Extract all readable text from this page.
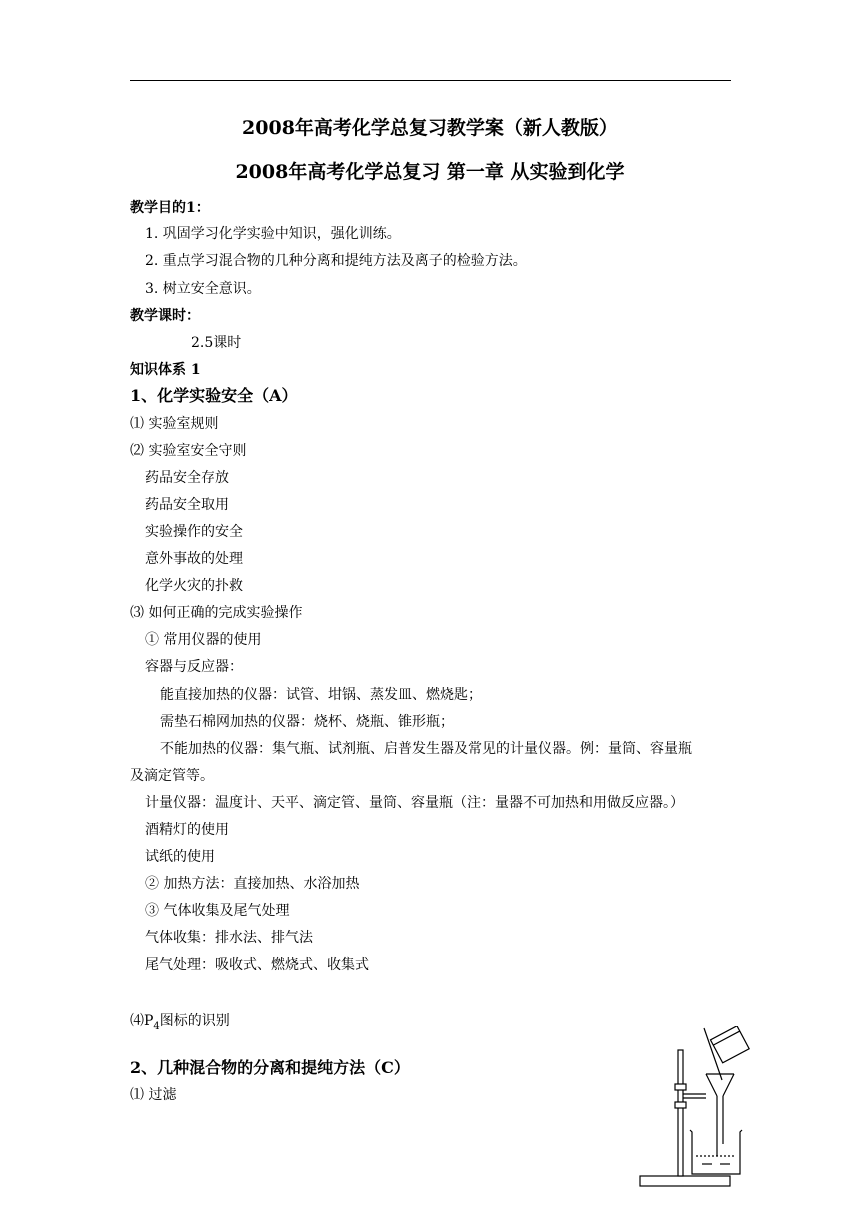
2008年高考化学总复习教学案（新人教版）
2008年高考化学总复习 第一章 从实验到化学
教学目的1：
1. 巩固学习化学实验中知识，强化训练。
2. 重点学习混合物的几种分离和提纯方法及离子的检验方法。
3. 树立安全意识。
教学课时：
2.5课时
知识体系 1
1、化学实验安全（A）
⑴ 实验室规则
⑵ 实验室安全守则
药品安全存放
药品安全取用
实验操作的安全
意外事故的处理
化学火灾的扑救
⑶ 如何正确的完成实验操作
① 常用仪器的使用
容器与反应器：
能直接加热的仪器：试管、坩锅、蒸发皿、燃烧匙；
需垫石棉网加热的仪器：烧杯、烧瓶、锥形瓶；
不能加热的仪器：集气瓶、试剂瓶、启普发生器及常见的计量仪器。例：量筒、容量瓶
及滴定管等。
计量仪器：温度计、天平、滴定管、量筒、容量瓶（注：量器不可加热和用做反应器。）
酒精灯的使用
试纸的使用
② 加热方法：直接加热、水浴加热
③ 气体收集及尾气处理
气体收集：排水法、排气法
尾气处理：吸收式、燃烧式、收集式
$⑷P_4$图标的识别
2、几种混合物的分离和提纯方法（C）
⑴ 过滤
